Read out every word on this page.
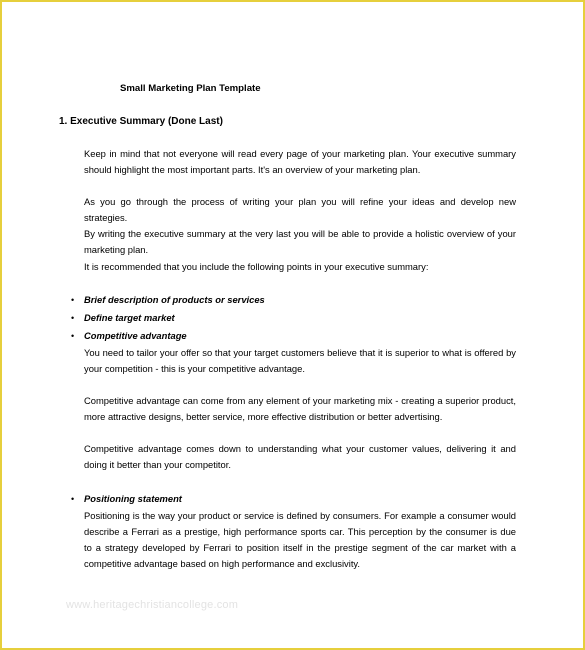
Small Marketing Plan Template
1. Executive Summary (Done Last)

Keep in mind that not everyone will read every page of your marketing plan. Your executive summary
should highlight the most important parts. It's an overview of your marketing plan.

As you go through the process of writing your plan you will refine your ideas and develop new strategies.
By writing the executive summary at the very last you will be able to provide a holistic overview of your
marketing plan.

It is recommended that you include the following points in your executive summary:

• Brief description of products or services
• Define target market
• Competitive advantage

You need to tailor your offer so that your target customers believe that it is superior to what is offered by
your competition - this is your competitive advantage.

Competitive advantage can come from any element of your marketing mix - creating a superior product,
more attractive designs, better service, more effective distribution or better advertising.

Competitive advantage comes down to understanding what your customer values, delivering it and
doing it better than your competitor.

• Positioning statement

Positioning is the way your product or service is defined by consumers. For example a consumer would
describe a Ferrari as a prestige, high performance sports car. This perception by the consumer is due
to a strategy developed by Ferrari to position itself in the prestige segment of the car market with a
competitive advantage based on high performance and exclusivity.

www.heritagechristiancollege.com
